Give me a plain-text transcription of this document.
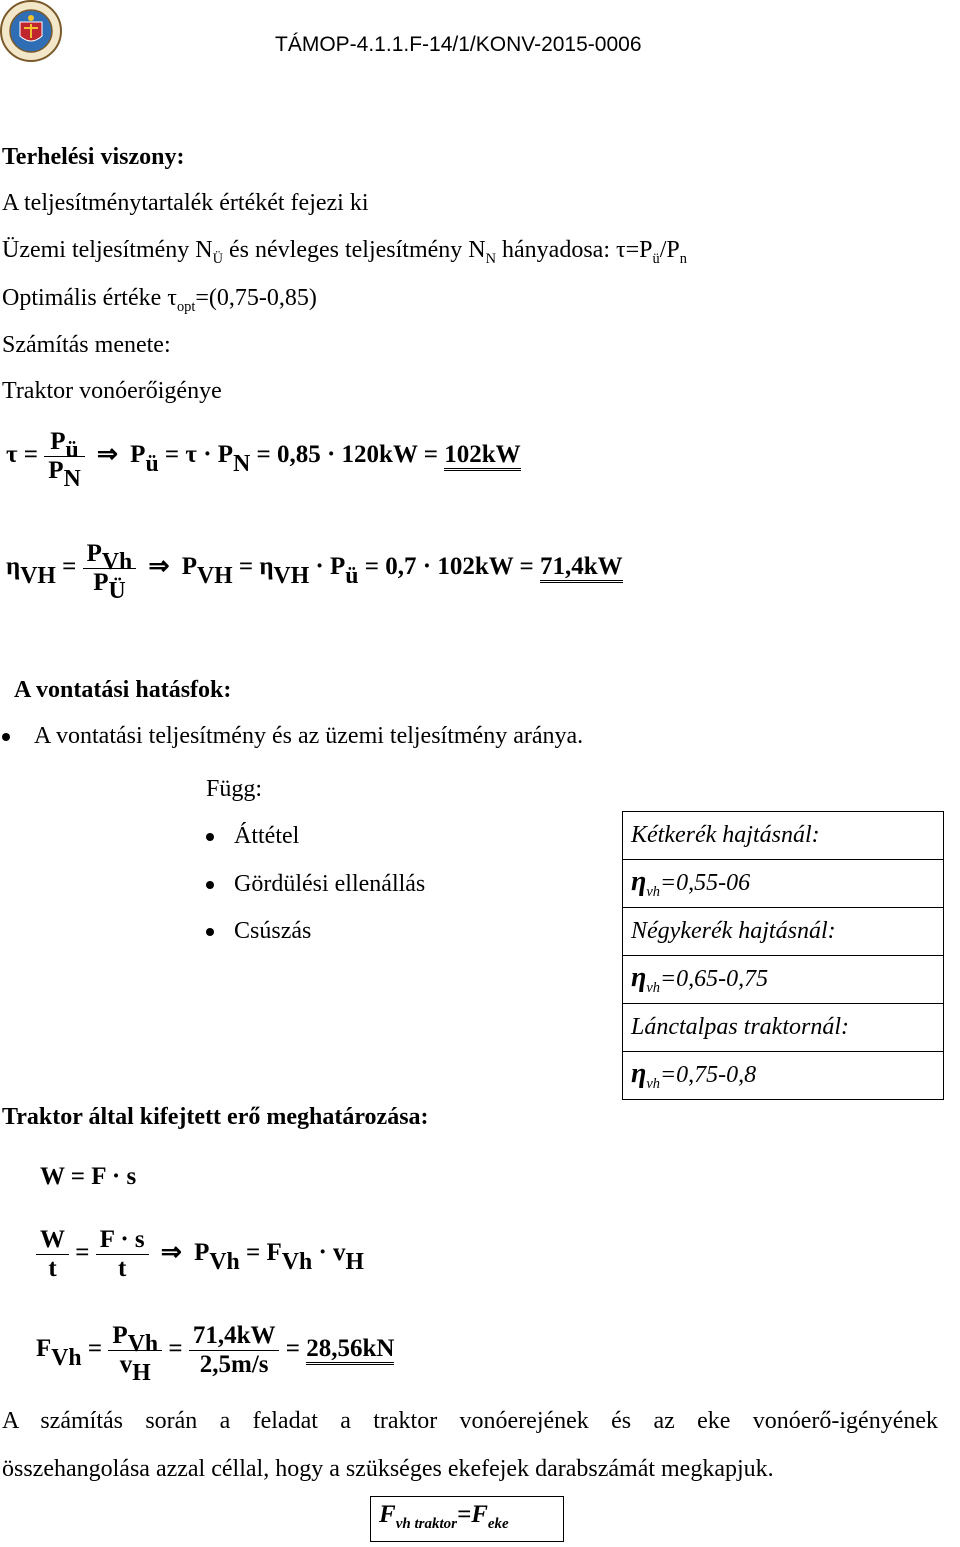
TÁMOP-4.1.1.F-14/1/KONV-2015-0006
Terhelési viszony:
A teljesítménytartalék értékét fejezi ki
Üzemi teljesítmény $N_Ü$ és névleges teljesítmény $N_N$ hányadosa: $\tau=P_ü/P_n$
Optimális értéke $\tau_{opt}=(0,75-0,85)$
Számítás menete:
Traktor vonóerőigénye
$\tau = \frac{Pü}{PN}$ ⇒ Pü = τ · PN = 0,85 · 120kW = 102kW
$\eta VH = \frac{\text{PVh}}{PÜ}$ ⇒ PVH = ηVH · Pü = 0,7 · 102kW = 71,4kW
A vontatási hatásfok:
A vontatási teljesítmény és az üzemi teljesítmény aránya.
Függ:
Áttétel
Gördülési ellenállás
Csúszás
Kétkerék hajtásnál:
$\eta_{vh}=0,55-06$
Négykerék hajtásnál:
$\eta_{vh}=0,65-0,75$
Lánctalpas traktornál:
$\eta_{vh}=0,75-0,8$
Traktor által kifejtett erő meghatározása:
W = F · s
$\frac{W}{t} = \frac{F \cdot s}{t}$ ⇒ PVh = FVh · vH
FVh = $\frac{\text{PVh}}{vH} = \frac{71,4kW}{2,5m/s} = 28,56kN$
A számítás során a feladat a traktor vonóerejének és az eke vonóerő-igényének
összehangolása azzal céllal, hogy a szükséges ekefejek darabszámát megkapjuk.
$F_{vh traktor}=F_{eke}$
